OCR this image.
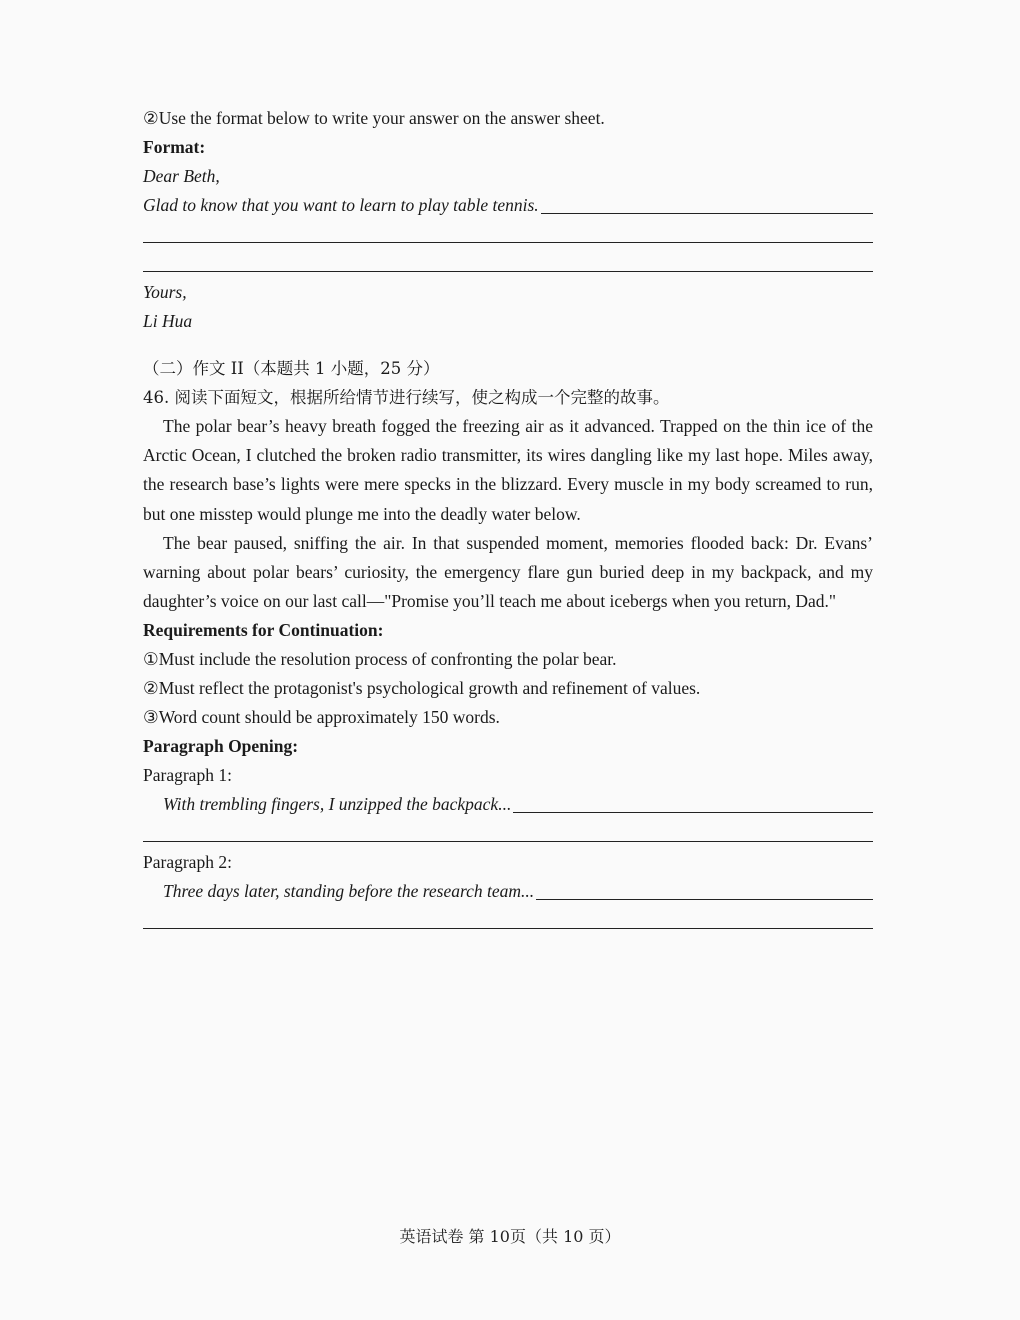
②Use the format below to write your answer on the answer sheet.
Format:
Dear Beth,
Glad to know that you want to learn to play table tennis.
Yours,
Li Hua
（二）作文 II（本题共 1 小题，25 分）
46. 阅读下面短文，根据所给情节进行续写，使之构成一个完整的故事。

The polar bear’s heavy breath fogged the freezing air as it advanced. Trapped on the thin ice of the Arctic Ocean, I clutched the broken radio transmitter, its wires dangling like my last hope. Miles away, the research base’s lights were mere specks in the blizzard. Every muscle in my body screamed to run, but one misstep would plunge me into the deadly water below.

The bear paused, sniffing the air. In that suspended moment, memories flooded back: Dr. Evans’ warning about polar bears’ curiosity, the emergency flare gun buried deep in my backpack, and my daughter’s voice on our last call—"Promise you’ll teach me about icebergs when you return, Dad."

Requirements for Continuation:
①Must include the resolution process of confronting the polar bear.
②Must reflect the protagonist's psychological growth and refinement of values.
③Word count should be approximately 150 words.
Paragraph Opening:
Paragraph 1:
With trembling fingers, I unzipped the backpack...
Paragraph 2:
Three days later, standing before the research team...
英语试卷 第 10页（共 10 页）
